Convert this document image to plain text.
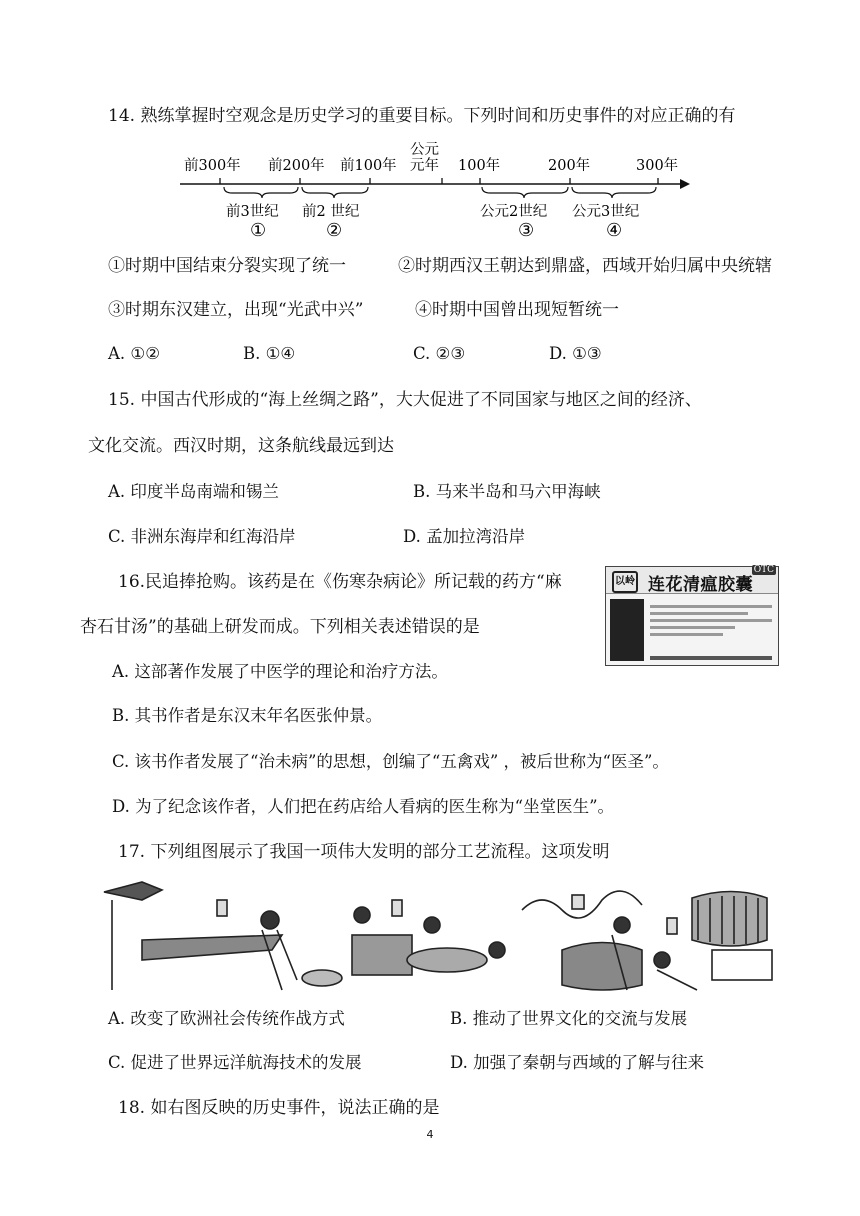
14. 熟练掌握时空观念是历史学习的重要目标。下列时间和历史事件的对应正确的有
前300年 前200年 前100年
公元
元年 100年	200年	300年
前3世纪 前2 世纪	公元2世纪 公元3世纪
①	②	③	④
①时期中国结束分裂实现了统一	②时期西汉王朝达到鼎盛，西域开始归属中央统辖
③时期东汉建立，出现“光武中兴”	④时期中国曾出现短暂统一
A. ①②	B. ①④	C. ②③	D. ①③
15. 中国古代形成的“海上丝绸之路”，大大促进了不同国家与地区之间的经济、
文化交流。西汉时期，这条航线最远到达
A. 印度半岛南端和锡兰	B. 马来半岛和马六甲海峡
C. 非洲东海岸和红海沿岸	D. 孟加拉湾沿岸
16.民追捧抢购。该药是在《伤寒杂病论》所记载的药方“麻
杏石甘汤”的基础上研发而成。下列相关表述错误的是
以岭 连花清瘟胶囊
OTC
A. 这部著作发展了中医学的理论和治疗方法。
B. 其书作者是东汉末年名医张仲景。
C. 该书作者发展了“治未病”的思想，创编了“五禽戏” ，被后世称为“医圣”。
D. 为了纪念该作者，人们把在药店给人看病的医生称为“坐堂医生”。
17. 下列组图展示了我国一项伟大发明的部分工艺流程。这项发明
A. 改变了欧洲社会传统作战方式	B. 推动了世界文化的交流与发展
C. 促进了世界远洋航海技术的发展	D. 加强了秦朝与西域的了解与往来
18. 如右图反映的历史事件，说法正确的是
4
